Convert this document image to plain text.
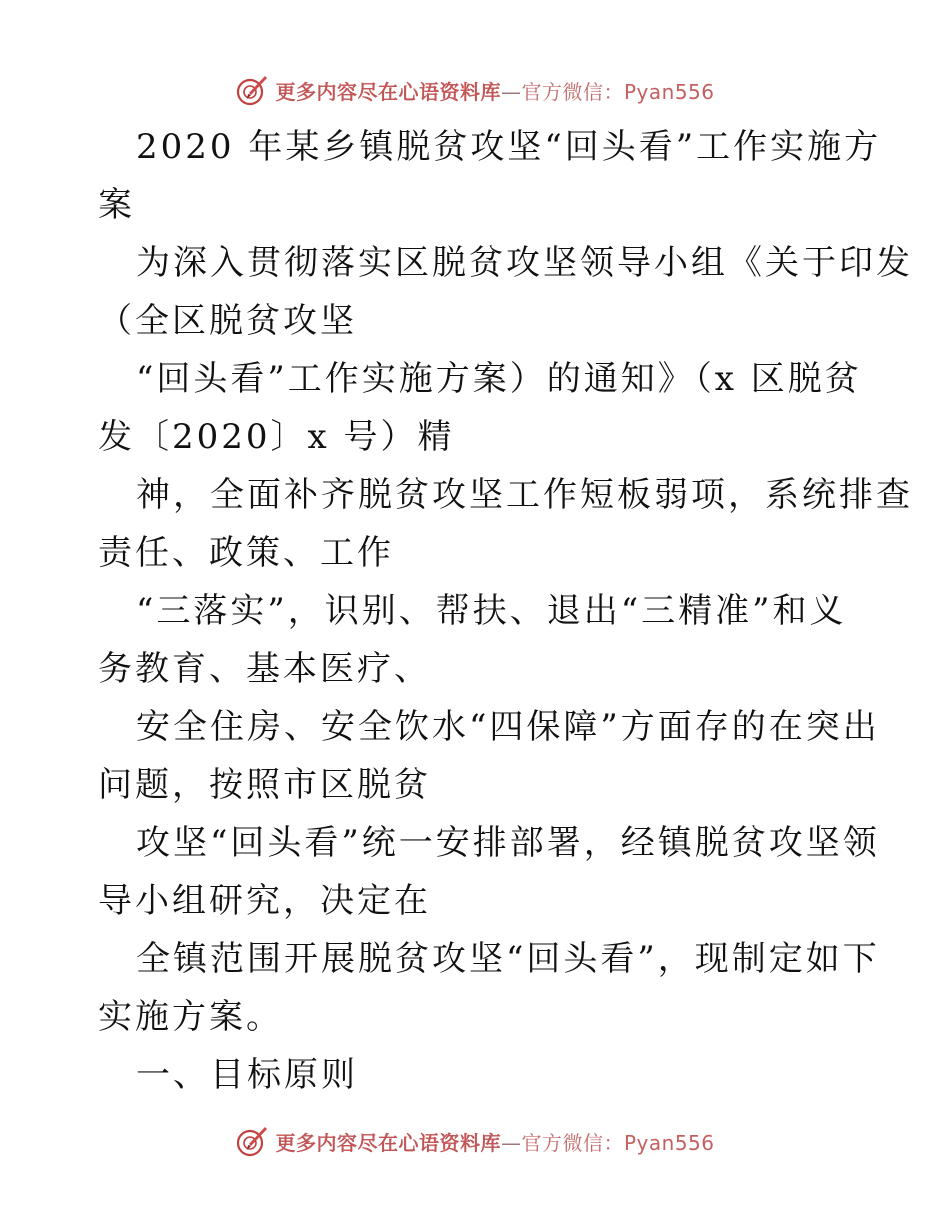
更多内容尽在心语资料库—官方微信：Pyan556
2020 年某乡镇脱贫攻坚“回头看”工作实施方
案
为深入贯彻落实区脱贫攻坚领导小组《关于印发
（全区脱贫攻坚
“回头看”工作实施方案）的通知》（x 区脱贫
发〔2020〕x 号）精
神，全面补齐脱贫攻坚工作短板弱项，系统排查
责任、政策、工作
“三落实”，识别、帮扶、退出“三精准”和义
务教育、基本医疗、
安全住房、安全饮水“四保障”方面存的在突出
问题，按照市区脱贫
攻坚“回头看”统一安排部署，经镇脱贫攻坚领
导小组研究，决定在
全镇范围开展脱贫攻坚“回头看”，现制定如下
实施方案。
一、目标原则
更多内容尽在心语资料库—官方微信：Pyan556
